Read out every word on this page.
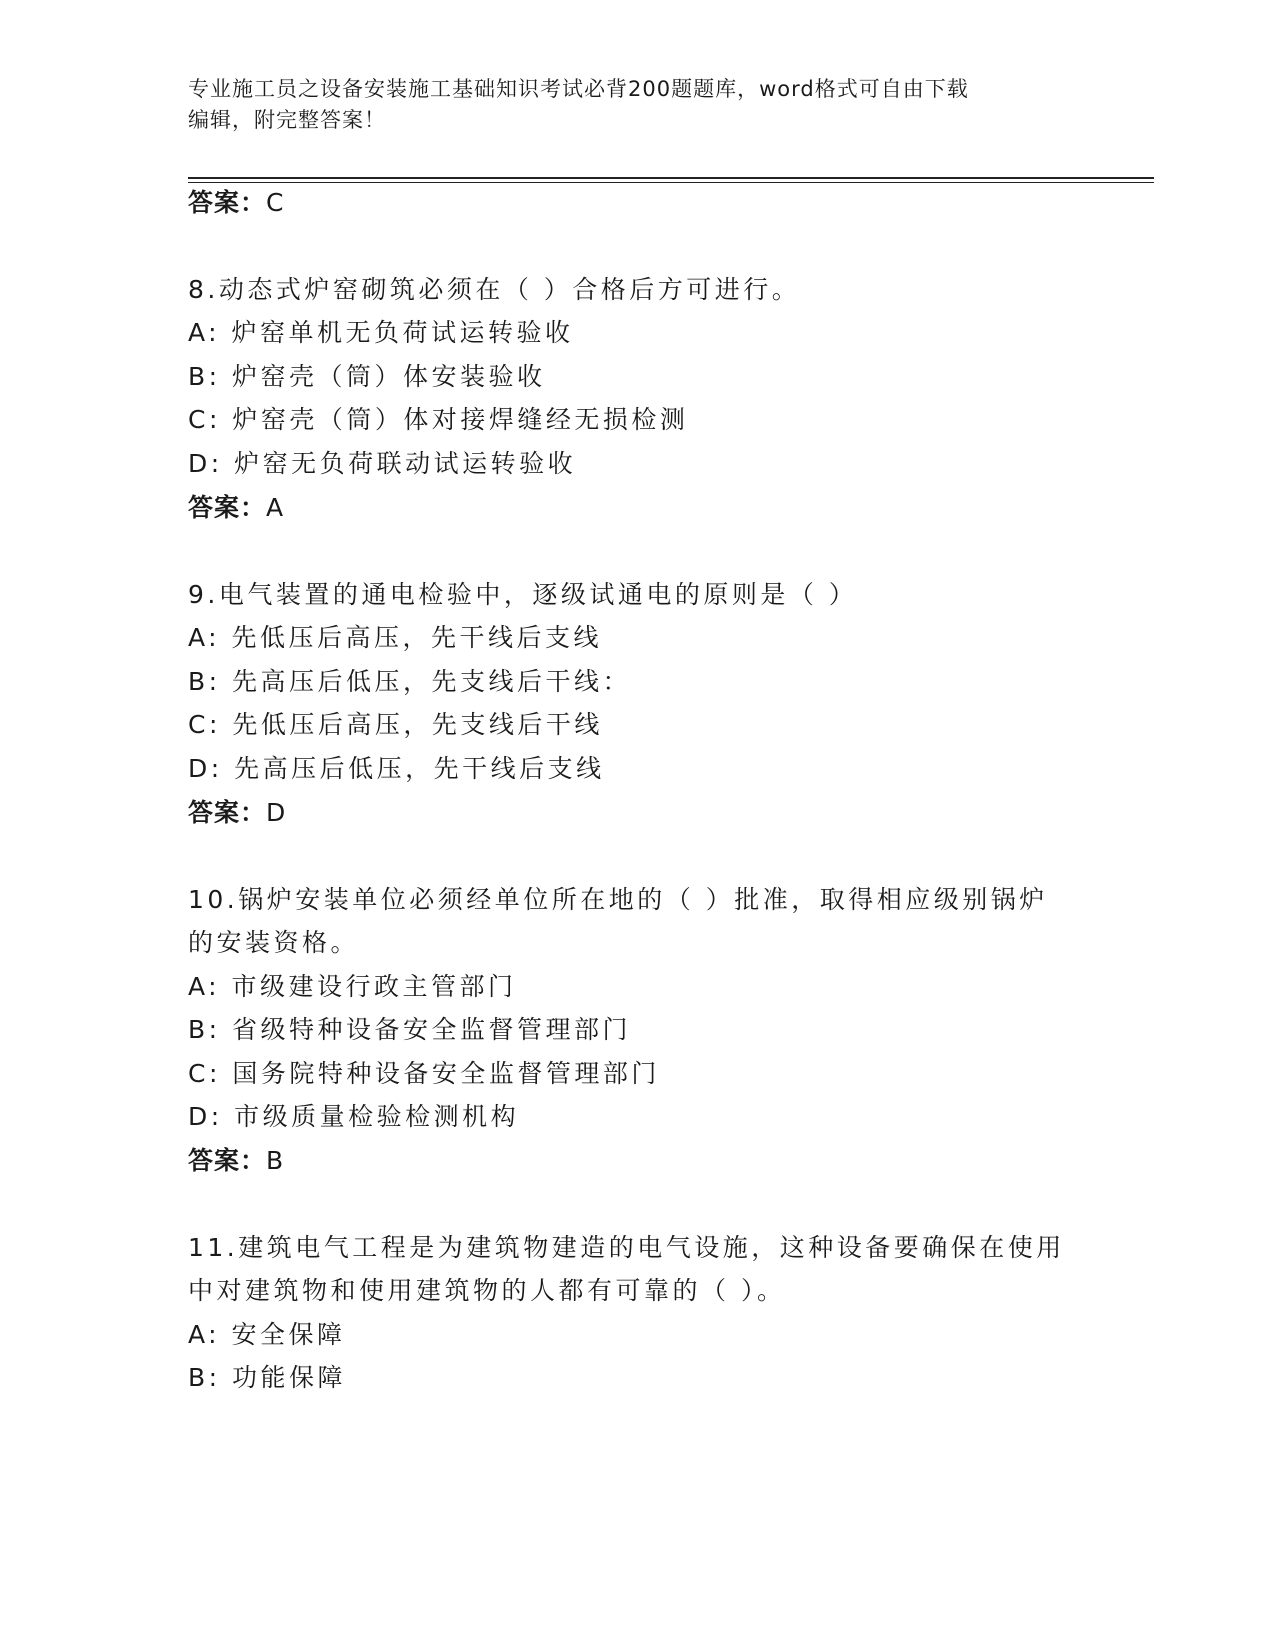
专业施工员之设备安装施工基础知识考试必背200题题库，word格式可自由下载
编辑，附完整答案！
答案：C
8.动态式炉窑砌筑必须在（ ）合格后方可进行。
A: 炉窑单机无负荷试运转验收
B: 炉窑壳（筒）体安装验收
C: 炉窑壳（筒）体对接焊缝经无损检测
D: 炉窑无负荷联动试运转验收
答案：A
9.电气装置的通电检验中，逐级试通电的原则是（ ）
A: 先低压后高压，先干线后支线
B: 先高压后低压，先支线后干线：
C: 先低压后高压，先支线后干线
D: 先高压后低压，先干线后支线
答案：D
10.锅炉安装单位必须经单位所在地的（ ）批准，取得相应级别锅炉
的安装资格。
A: 市级建设行政主管部门
B: 省级特种设备安全监督管理部门
C: 国务院特种设备安全监督管理部门
D: 市级质量检验检测机构
答案：B
11.建筑电气工程是为建筑物建造的电气设施，这种设备要确保在使用
中对建筑物和使用建筑物的人都有可靠的（ ）。
A: 安全保障
B: 功能保障
